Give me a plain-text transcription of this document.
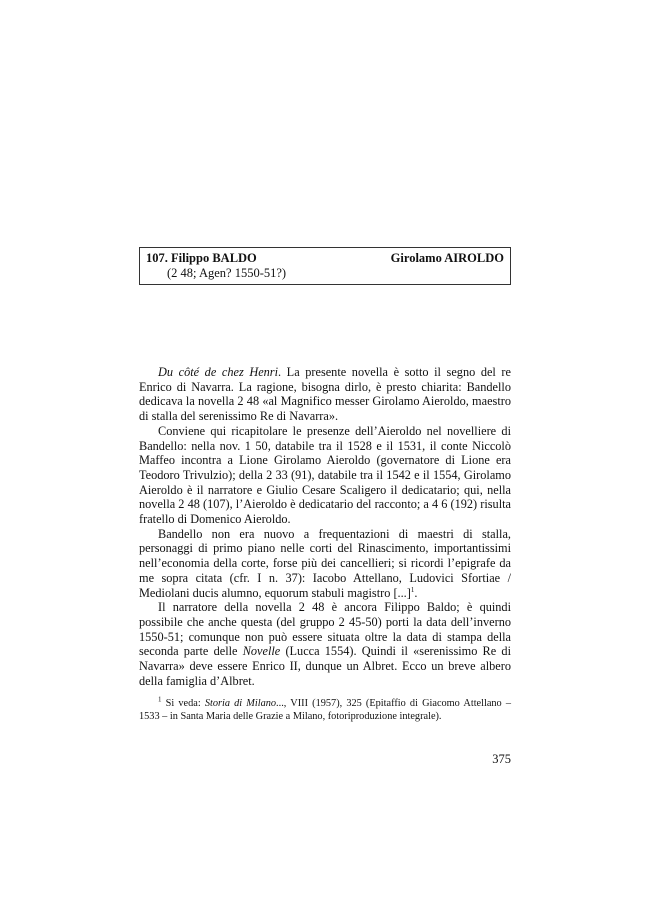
107. Filippo BALDO	Girolamo AIROLDO
(2 48; Agen? 1550-51?)

Du côté de chez Henri. La presente novella è sotto il segno del re Enrico di Navarra. La ragione, bisogna dirlo, è presto chiarita: Bandello dedicava la novella 2 48 «al Magnifico messer Girolamo Aieroldo, maestro di stalla del serenissimo Re di Navarra».

Conviene qui ricapitolare le presenze dell’Aieroldo nel novelliere di Bandello: nella nov. 1 50, databile tra il 1528 e il 1531, il conte Niccolò Maffeo incontra a Lione Girolamo Aieroldo (governatore di Lione era Teodoro Trivulzio); della 2 33 (91), databile tra il 1542 e il 1554, Girolamo Aieroldo è il narratore e Giulio Cesare Scaligero il dedicatario; qui, nella novella 2 48 (107), l’Aieroldo è dedicatario del racconto; a 4 6 (192) risulta fratello di Domenico Aieroldo.

Bandello non era nuovo a frequentazioni di maestri di stalla, personaggi di primo piano nelle corti del Rinascimento, importantissimi nell’economia della corte, forse più dei cancellieri; si ricordi l’epigrafe da me sopra citata (cfr. I n. 37): Iacobo Attellano, Ludovici Sfortiae / Mediolani ducis alumno, equorum stabuli magistro [...]$^1$.

Il narratore della novella 2 48 è ancora Filippo Baldo; è quindi possibile che anche questa (del gruppo 2 45-50) porti la data dell’inverno 1550-51; comunque non può essere situata oltre la data di stampa della seconda parte delle Novelle (Lucca 1554). Quindi il «serenissimo Re di Navarra» deve essere Enrico II, dunque un Albret. Ecco un breve albero della famiglia d’Albret.

$^1$ Si veda: Storia di Milano..., VIII (1957), 325 (Epitaffio di Giacomo Attellano – 1533 – in Santa Maria delle Grazie a Milano, fotoriproduzione integrale).

375
